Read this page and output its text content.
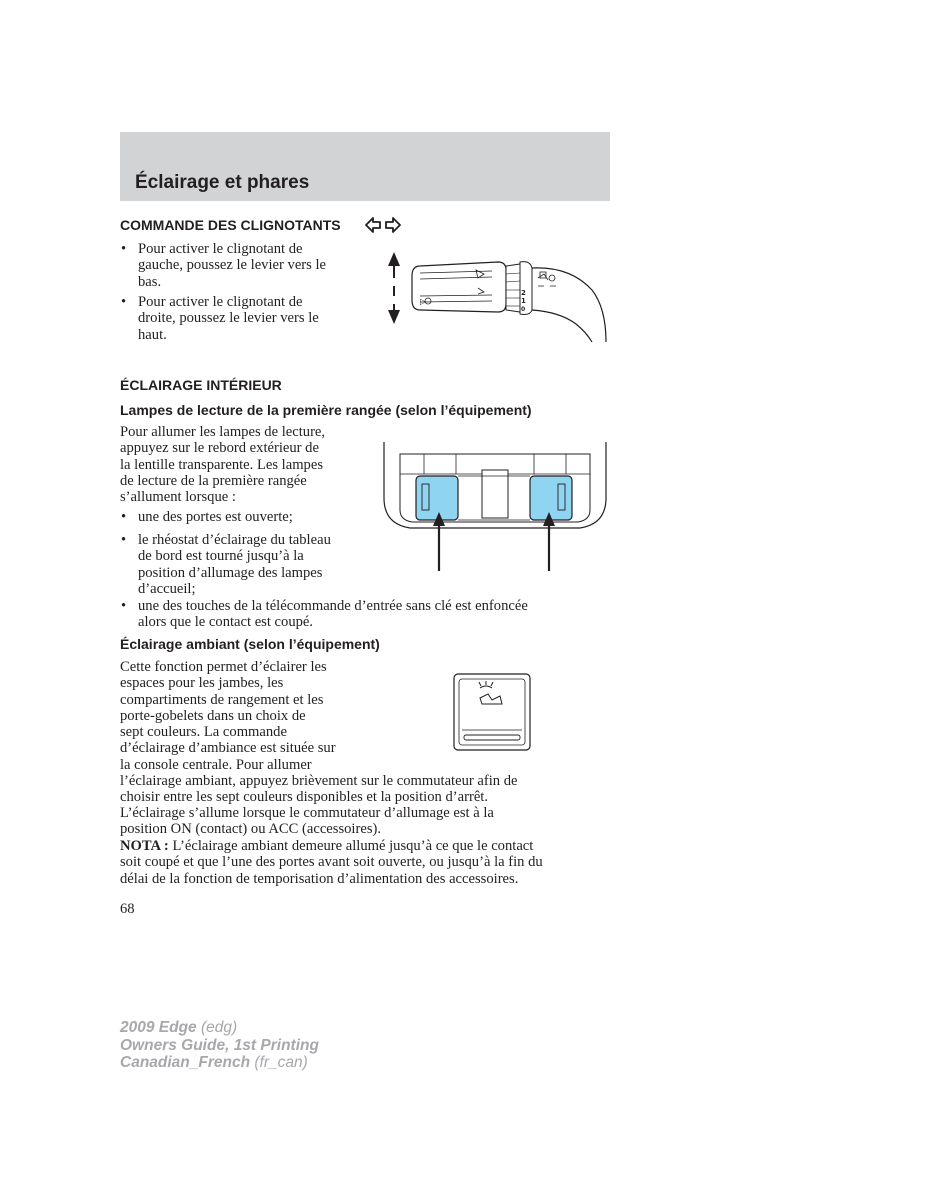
Éclairage et phares
COMMANDE DES CLIGNOTANTS
• Pour activer le clignotant de
gauche, poussez le levier vers le
bas.
• Pour activer le clignotant de
droite, poussez le levier vers le
haut.
▷
2
1
0
ÉCLAIRAGE INTÉRIEUR
Lampes de lecture de la première rangée (selon l’équipement)
Pour allumer les lampes de lecture,
appuyez sur le rebord extérieur de
la lentille transparente. Les lampes
de lecture de la première rangée
s’allument lorsque :
• une des portes est ouverte;
• le rhéostat d’éclairage du tableau
de bord est tourné jusqu’à la
position d’allumage des lampes
d’accueil;
• une des touches de la télécommande d’entrée sans clé est enfoncée
alors que le contact est coupé.
Éclairage ambiant (selon l’équipement)
Cette fonction permet d’éclairer les
espaces pour les jambes, les
compartiments de rangement et les
porte-gobelets dans un choix de
sept couleurs. La commande
d’éclairage d’ambiance est située sur
la console centrale. Pour allumer
l’éclairage ambiant, appuyez brièvement sur le commutateur afin de
choisir entre les sept couleurs disponibles et la position d’arrêt.
L’éclairage s’allume lorsque le commutateur d’allumage est à la
position ON (contact) ou ACC (accessoires).
NOTA : L’éclairage ambiant demeure allumé jusqu’à ce que le contact
soit coupé et que l’une des portes avant soit ouverte, ou jusqu’à la fin du
délai de la fonction de temporisation d’alimentation des accessoires.
68
2009 Edge (edg)
Owners Guide, 1st Printing
Canadian_French (fr_can)
